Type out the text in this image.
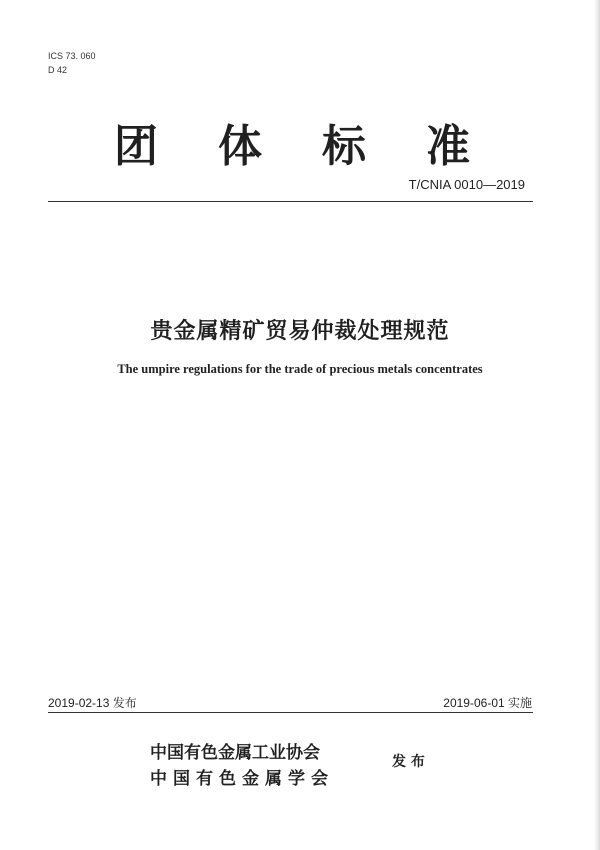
ICS 73. 060
D 42
团	体	标	准
T/CNIA 0010—2019
贵金属精矿贸易仲裁处理规范
The umpire regulations for the trade of precious metals concentrates
2019-02-13 发布	2019-06-01 实施
中国有色金属工业协会
中国有色金属学会
发 布
